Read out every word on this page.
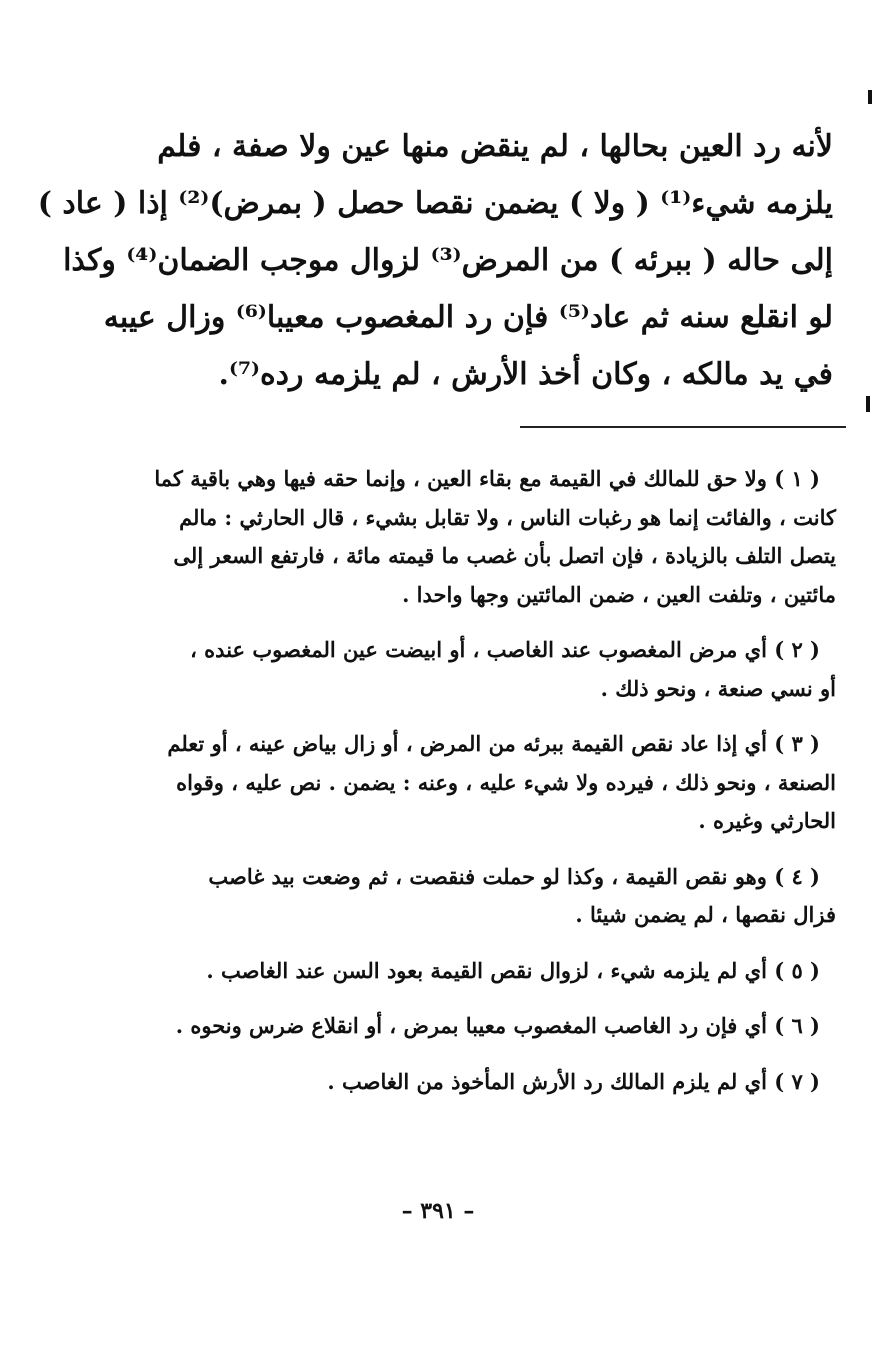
لأنه رد العين بحالها ، لم ينقض منها عين ولا صفة ، فلم
يلزمه شيء⁽¹⁾ ( ولا ) يضمن نقصا حصل ( بمرض)⁽²⁾ إذا ( عاد )
إلى حاله ( ببرئه ) من المرض⁽³⁾ لزوال موجب الضمان⁽⁴⁾ وكذا
لو انقلع سنه ثم عاد⁽⁵⁾ فإن رد المغصوب معيبا⁽⁶⁾ وزال عيبه
في يد مالكه ، وكان أخذ الأرش ، لم يلزمه رده⁽⁷⁾.
( ١ ) ولا حق للمالك في القيمة مع بقاء العين ، وإنما حقه فيها وهي باقية كما
كانت ، والفائت إنما هو رغبات الناس ، ولا تقابل بشيء ، قال الحارثي : مالم
يتصل التلف بالزيادة ، فإن اتصل بأن غصب ما قيمته مائة ، فارتفع السعر إلى
مائتين ، وتلفت العين ، ضمن المائتين وجها واحدا .
( ٢ ) أي مرض المغصوب عند الغاصب ، أو ابيضت عين المغصوب عنده ،
أو نسي صنعة ، ونحو ذلك .
( ٣ ) أي إذا عاد نقص القيمة ببرئه من المرض ، أو زال بياض عينه ، أو تعلم
الصنعة ، ونحو ذلك ، فيرده ولا شيء عليه ، وعنه : يضمن . نص عليه ، وقواه
الحارثي وغيره .
( ٤ ) وهو نقص القيمة ، وكذا لو حملت فنقصت ، ثم وضعت بيد غاصب
فزال نقصها ، لم يضمن شيئا .
( ٥ ) أي لم يلزمه شيء ، لزوال نقص القيمة بعود السن عند الغاصب .
( ٦ ) أي فإن رد الغاصب المغصوب معيبا بمرض ، أو انقلاع ضرس ونحوه .
( ٧ ) أي لم يلزم المالك رد الأرش المأخوذ من الغاصب .
– ٣٩١ –
